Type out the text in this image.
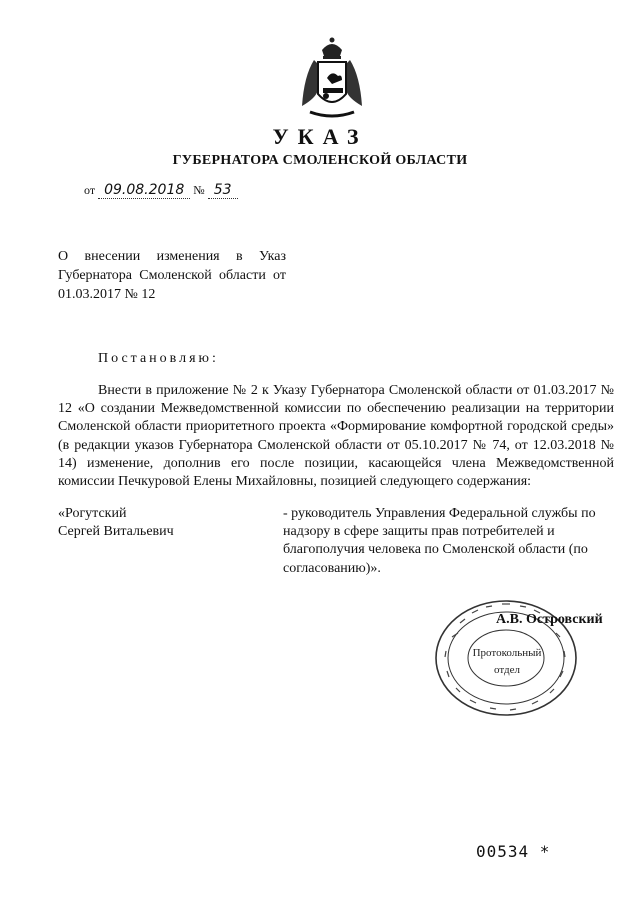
УКАЗ
ГУБЕРНАТОРА СМОЛЕНСКОЙ ОБЛАСТИ
от 09.08.2018 № 53
О внесении изменения в Указ Губернатора Смоленской области от 01.03.2017 № 12
Постановляю:

Внести в приложение № 2 к Указу Губернатора Смоленской области от 01.03.2017 № 12 «О создании Межведомственной комиссии по обеспечению реализации на территории Смоленской области приоритетного проекта «Формирование комфортной городской среды» (в редакции указов Губернатора Смоленской области от 05.10.2017 № 74, от 12.03.2018 № 14) изменение, дополнив его после позиции, касающейся члена Межведомственной комиссии Печкуровой Елены Михайловны, позицией следующего содержания:

«Рогутский
Сергей Витальевич
- руководитель Управления Федеральной службы по надзору в сфере защиты прав потребителей и благополучия человека по Смоленской области (по согласованию)».
Протокольный
отдел
А.В. Островский
00534 *
